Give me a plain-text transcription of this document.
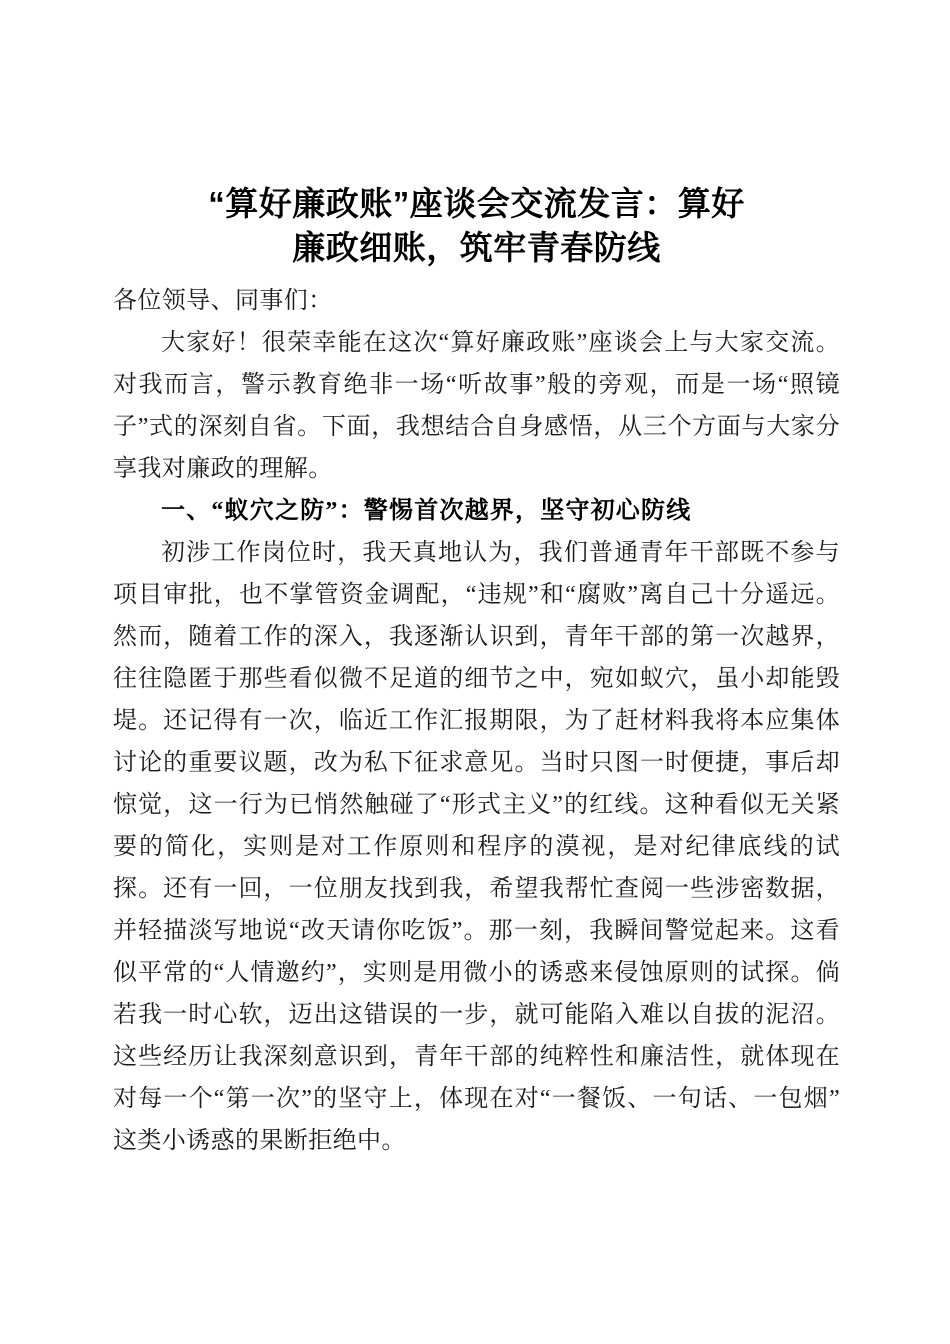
“算好廉政账”座谈会交流发言：算好
廉政细账，筑牢青春防线

各位领导、同事们：

大家好！很荣幸能在这次“算好廉政账”座谈会上与大家交流。对我而言，警示教育绝非一场“听故事”般的旁观，而是一场“照镜子”式的深刻自省。下面，我想结合自身感悟，从三个方面与大家分享我对廉政的理解。

一、“蚁穴之防”：警惕首次越界，坚守初心防线

初涉工作岗位时，我天真地认为，我们普通青年干部既不参与项目审批，也不掌管资金调配，“违规”和“腐败”离自己十分遥远。然而，随着工作的深入，我逐渐认识到，青年干部的第一次越界，往往隐匿于那些看似微不足道的细节之中，宛如蚁穴，虽小却能毁堤。还记得有一次，临近工作汇报期限，为了赶材料我将本应集体讨论的重要议题，改为私下征求意见。当时只图一时便捷，事后却惊觉，这一行为已悄然触碰了“形式主义”的红线。这种看似无关紧要的简化，实则是对工作原则和程序的漠视，是对纪律底线的试探。还有一回，一位朋友找到我，希望我帮忙查阅一些涉密数据，并轻描淡写地说“改天请你吃饭”。那一刻，我瞬间警觉起来。这看似平常的“人情邀约”，实则是用微小的诱惑来侵蚀原则的试探。倘若我一时心软，迈出这错误的一步，就可能陷入难以自拔的泥沼。这些经历让我深刻意识到，青年干部的纯粹性和廉洁性，就体现在对每一个“第一次”的坚守上，体现在对“一餐饭、一句话、一包烟”这类小诱惑的果断拒绝中。
